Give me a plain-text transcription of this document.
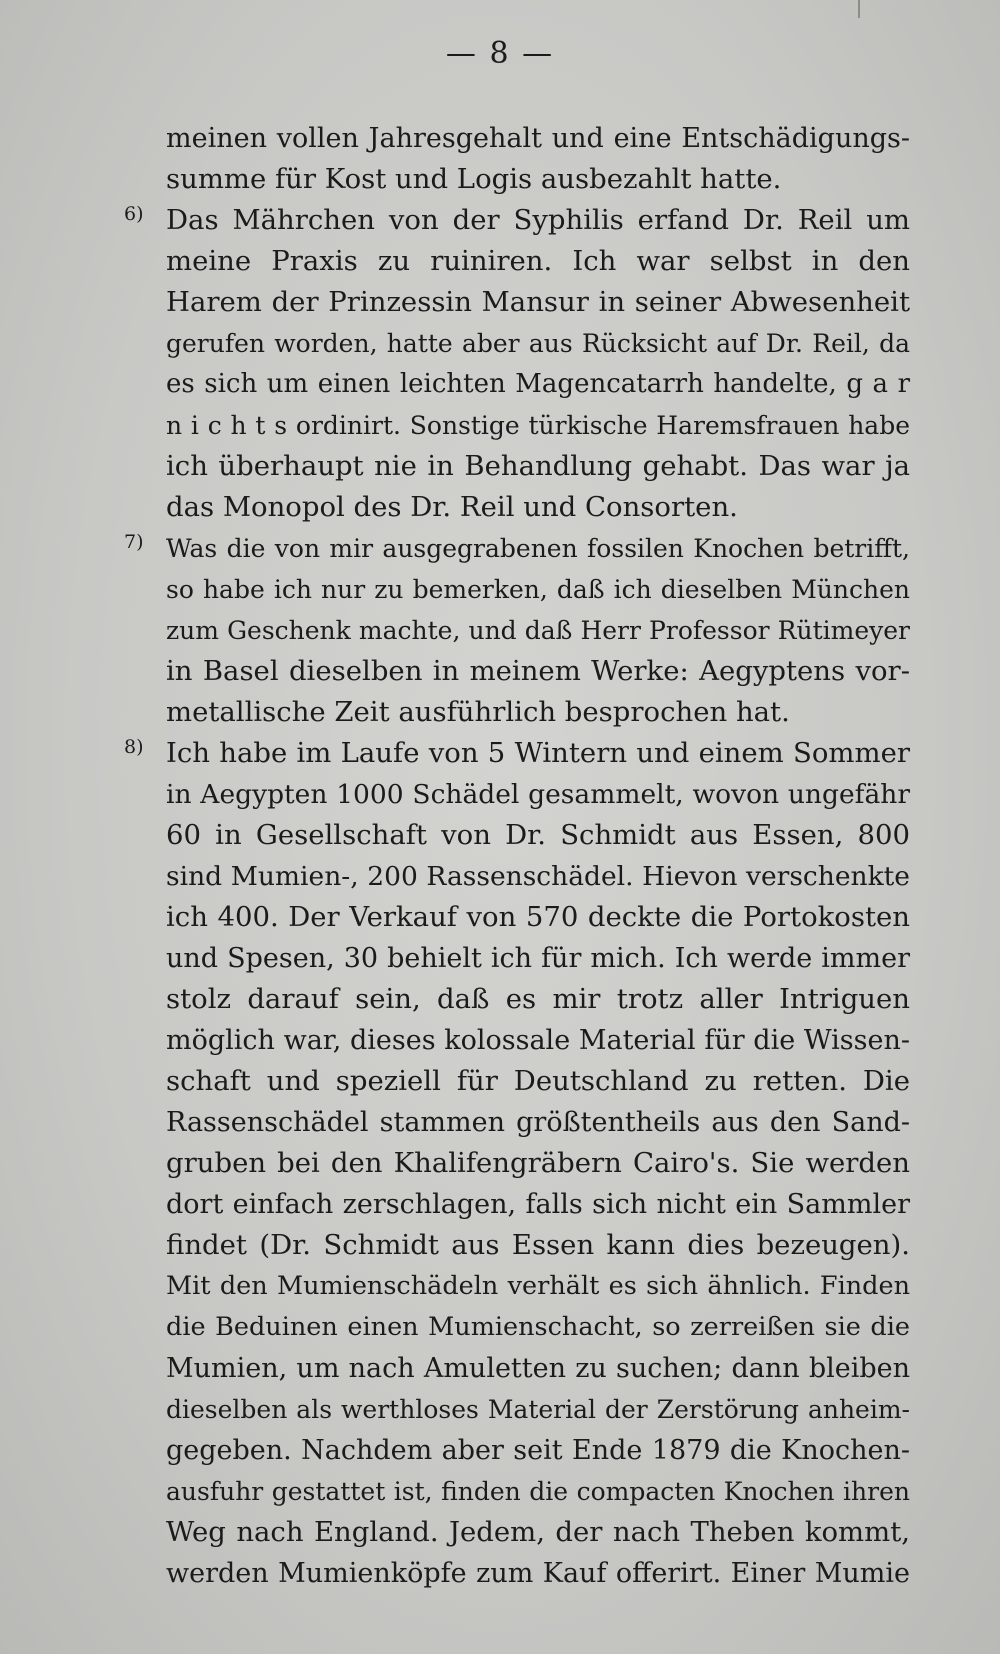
— 8 —
meinen vollen Jahresgehalt und eine Entschädigungs-
summe für Kost und Logis ausbezahlt hatte.
6) Das Mährchen von der Syphilis erfand Dr. Reil um
meine Praxis zu ruiniren. Ich war selbst in den
Harem der Prinzessin Mansur in seiner Abwesenheit
gerufen worden, hatte aber aus Rücksicht auf Dr. Reil, da
es sich um einen leichten Magencatarrh handelte, g a r
n i c h t s ordinirt. Sonstige türkische Haremsfrauen habe
ich überhaupt nie in Behandlung gehabt. Das war ja
das Monopol des Dr. Reil und Consorten.
7) Was die von mir ausgegrabenen fossilen Knochen betrifft,
so habe ich nur zu bemerken, daß ich dieselben München
zum Geschenk machte, und daß Herr Professor Rütimeyer
in Basel dieselben in meinem Werke: Aegyptens vor-
metallische Zeit ausführlich besprochen hat.
8) Ich habe im Laufe von 5 Wintern und einem Sommer
in Aegypten 1000 Schädel gesammelt, wovon ungefähr
60 in Gesellschaft von Dr. Schmidt aus Essen, 800
sind Mumien-, 200 Rassenschädel. Hievon verschenkte
ich 400. Der Verkauf von 570 deckte die Portokosten
und Spesen, 30 behielt ich für mich. Ich werde immer
stolz darauf sein, daß es mir trotz aller Intriguen
möglich war, dieses kolossale Material für die Wissen-
schaft und speziell für Deutschland zu retten. Die
Rassenschädel stammen größtentheils aus den Sand-
gruben bei den Khalifengräbern Cairo's. Sie werden
dort einfach zerschlagen, falls sich nicht ein Sammler
findet (Dr. Schmidt aus Essen kann dies bezeugen).
Mit den Mumienschädeln verhält es sich ähnlich. Finden
die Beduinen einen Mumienschacht, so zerreißen sie die
Mumien, um nach Amuletten zu suchen; dann bleiben
dieselben als werthloses Material der Zerstörung anheim-
gegeben. Nachdem aber seit Ende 1879 die Knochen-
ausfuhr gestattet ist, finden die compacten Knochen ihren
Weg nach England. Jedem, der nach Theben kommt,
werden Mumienköpfe zum Kauf offerirt. Einer Mumie
